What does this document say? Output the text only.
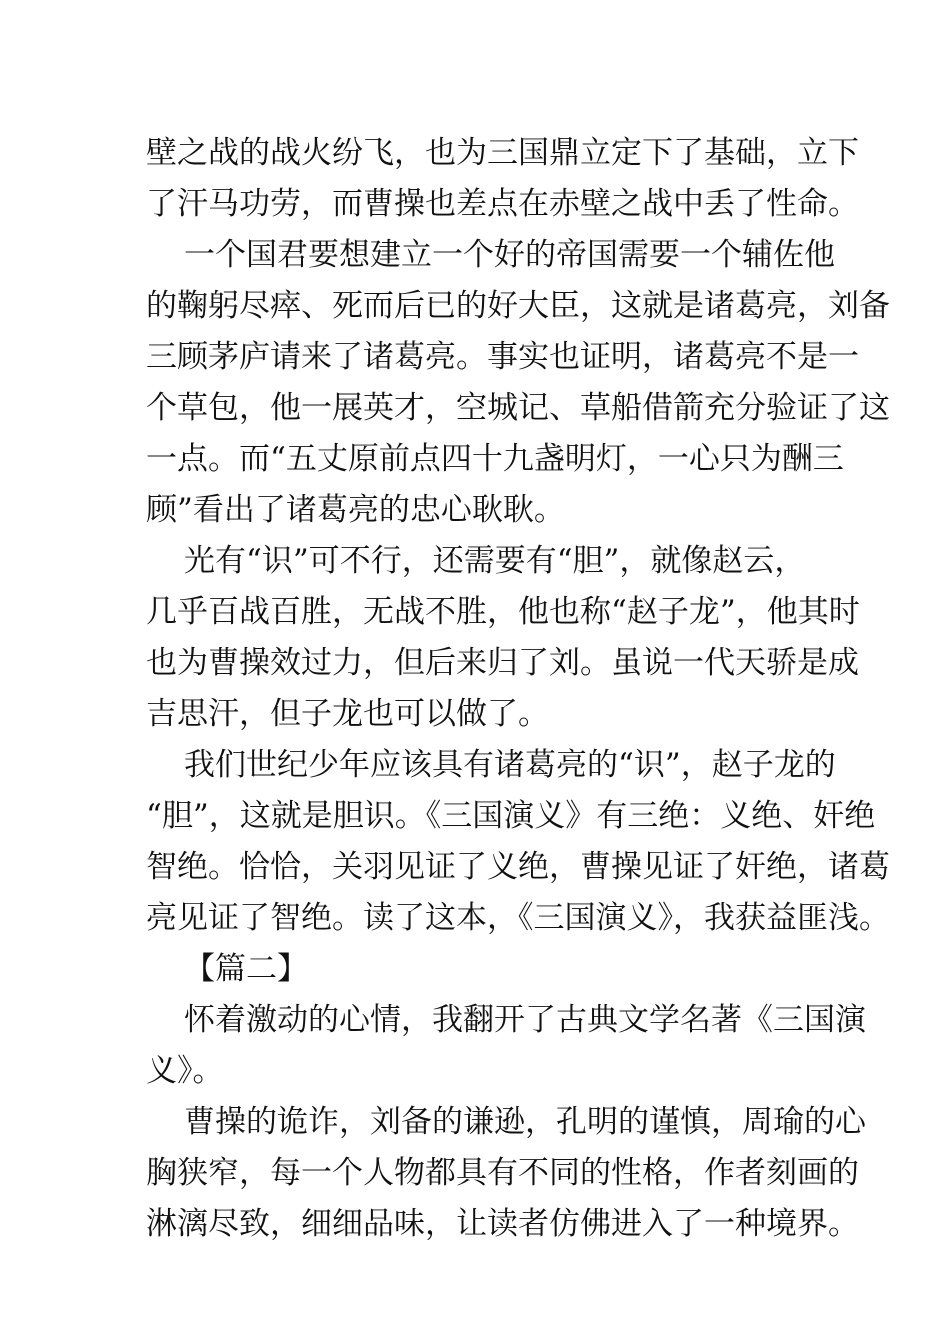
壁之战的战火纷飞，也为三国鼎立定下了基础，立下
了汗马功劳，而曹操也差点在赤壁之战中丢了性命。
一个国君要想建立一个好的帝国需要一个辅佐他
的鞠躬尽瘁、死而后已的好大臣，这就是诸葛亮，刘备
三顾茅庐请来了诸葛亮。事实也证明，诸葛亮不是一
个草包，他一展英才，空城记、草船借箭充分验证了这
一点。而“五丈原前点四十九盏明灯，一心只为酬三
顾”看出了诸葛亮的忠心耿耿。
光有“识”可不行，还需要有“胆”，就像赵云，
几乎百战百胜，无战不胜，他也称“赵子龙”，他其时
也为曹操效过力，但后来归了刘。虽说一代天骄是成
吉思汗，但子龙也可以做了。
我们世纪少年应该具有诸葛亮的“识”，赵子龙的
“胆”，这就是胆识。《三国演义》有三绝：义绝、奸绝
智绝。恰恰，关羽见证了义绝，曹操见证了奸绝，诸葛
亮见证了智绝。读了这本，《三国演义》，我获益匪浅。
【篇二】
怀着激动的心情，我翻开了古典文学名著《三国演
义》。
曹操的诡诈，刘备的谦逊，孔明的谨慎，周瑜的心
胸狭窄，每一个人物都具有不同的性格，作者刻画的
淋漓尽致，细细品味，让读者仿佛进入了一种境界。
